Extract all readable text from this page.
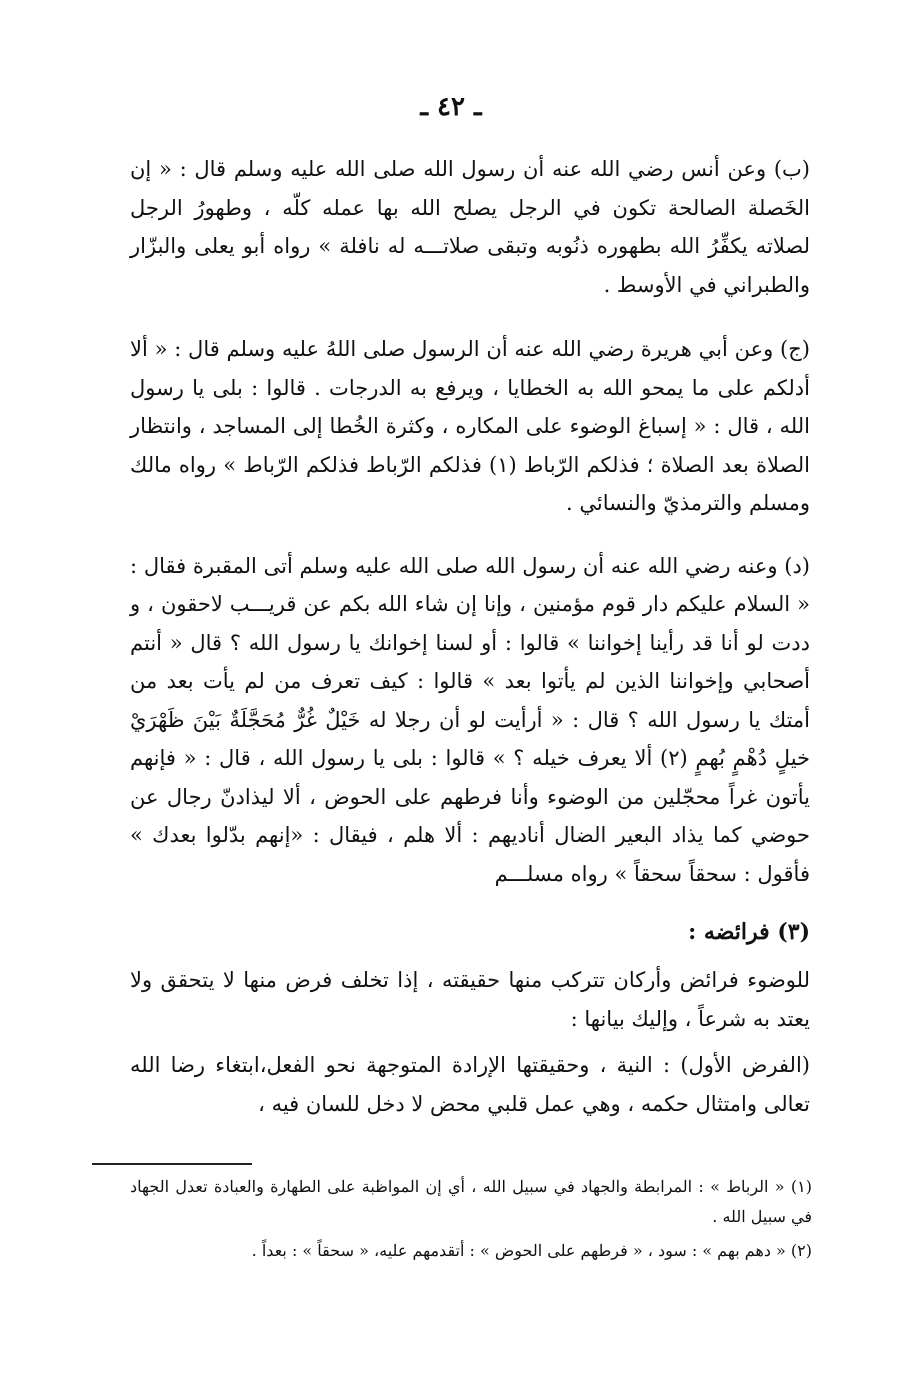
ـ ٤٢ ـ

(ب) وعن أنس رضي الله عنه أن رسول الله صلى الله عليه وسلم قال : « إن الخَصلة الصالحة تكون في الرجل يصلح الله بها عمله كلّه ، وطهورُ الرجل لصلاته يكفِّرُ الله بطهوره ذنُوبه وتبقى صلاتـــه له نافلة » رواه أبو يعلى والبزّار والطبراني في الأوسط .

(ج) وعن أبي هريرة رضي الله عنه أن الرسول صلى اللهُ عليه وسلم قال : « ألا أدلكم على ما يمحو الله به الخطايا ، ويرفع به الدرجات . قالوا : بلى يا رسول الله ، قال : « إسباغ الوضوء على المكاره ، وكثرة الخُطا إلى المساجد ، وانتظار الصلاة بعد الصلاة ؛ فذلكم الرّباط (١) فذلكم الرّباط فذلكم الرّباط » رواه مالك ومسلم والترمذيّ والنسائي .

(د) وعنه رضي الله عنه أن رسول الله صلى الله عليه وسلم أتى المقبرة فقال : « السلام عليكم دار قوم مؤمنين ، وإنا إن شاء الله بكم عن قريـــب لاحقون ، و ددت لو أنا قد رأينا إخواننا » قالوا : أو لسنا إخوانك يا رسول الله ؟ قال « أنتم أصحابي وإخواننا الذين لم يأتوا بعد » قالوا : كيف تعرف من لم يأت بعد من أمتك يا رسول الله ؟ قال : « أرأيت لو أن رجلا له خَيْلٌ غُرٌّ مُحَجَّلَةٌ بَيْنَ ظَهْرَيْ خيلٍ دُهْمٍ بُهمٍ (٢) ألا يعرف خيله ؟ » قالوا : بلى يا رسول الله ، قال : « فإنهم يأتون غراً محجّلين من الوضوء وأنا فرطهم على الحوض ، ألا ليذادنّ رجال عن حوضي كما يذاد البعير الضال أناديهم : ألا هلم ، فيقال : «إنهم بدّلوا بعدك » فأقول : سحقاً سحقاً » رواه مسلـــم

(٣) فرائضه :

للوضوء فرائض وأركان تتركب منها حقيقته ، إذا تخلف فرض منها لا يتحقق ولا يعتد به شرعاً ، وإليك بيانها :

(الفرض الأول) : النية ، وحقيقتها الإرادة المتوجهة نحو الفعل،ابتغاء رضا الله تعالى وامتثال حكمه ، وهي عمل قلبي محض لا دخل للسان فيه ،

(١) « الرباط » : المرابطة والجهاد في سبيل الله ، أي إن المواظبة على الطهارة والعبادة تعدل الجهاد في سبيل الله .

(٢) « دهم بهم » : سود ، « فرطهم على الحوض » : أتقدمهم عليه، « سحقاً » : بعداً .
